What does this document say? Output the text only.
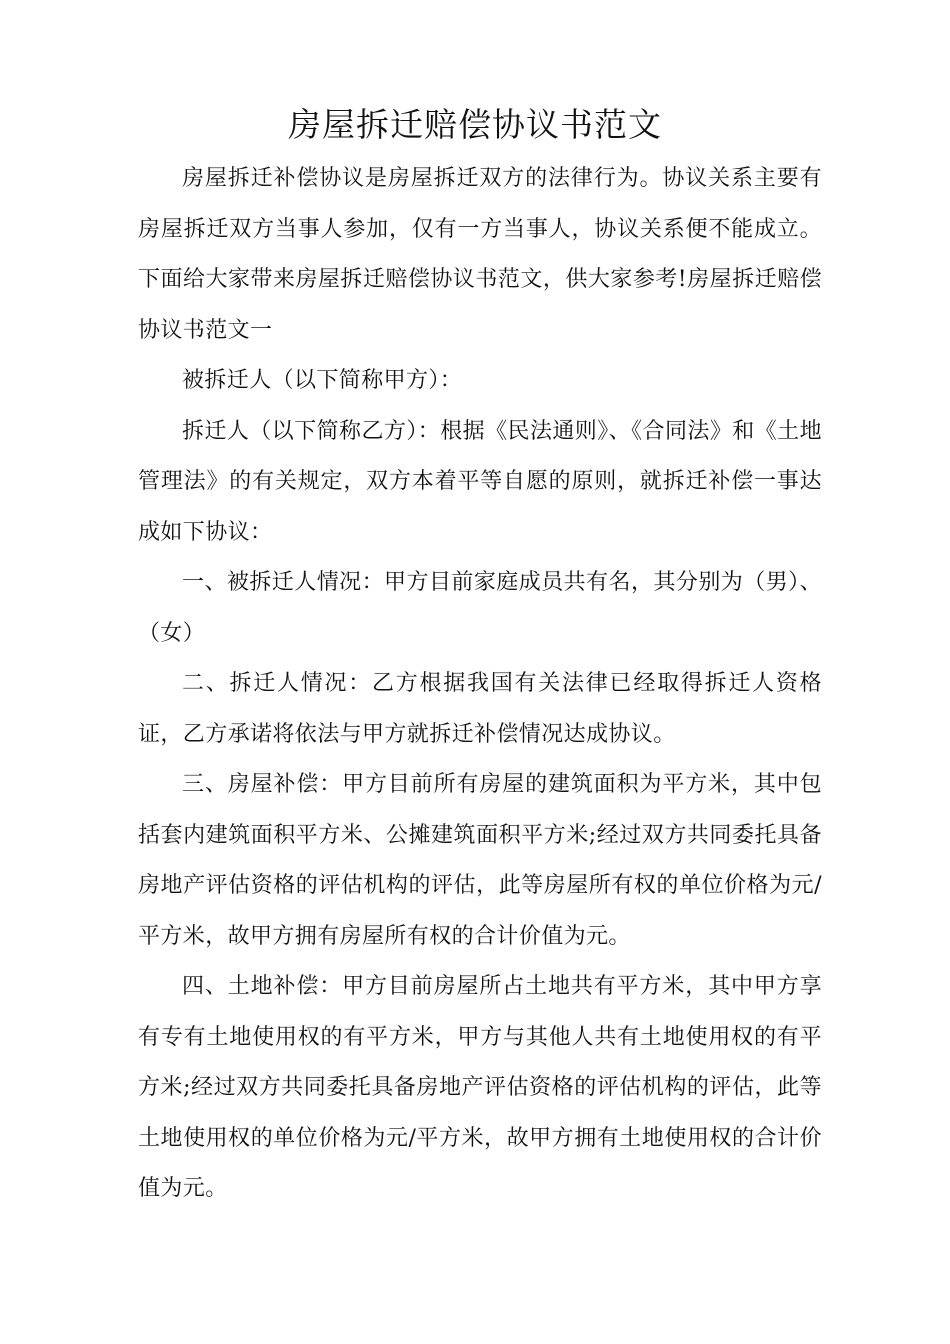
房屋拆迁赔偿协议书范文

房屋拆迁补偿协议是房屋拆迁双方的法律行为。协议关系主要有房屋拆迁双方当事人参加，仅有一方当事人，协议关系便不能成立。下面给大家带来房屋拆迁赔偿协议书范文，供大家参考!房屋拆迁赔偿协议书范文一

被拆迁人（以下简称甲方）：

拆迁人（以下简称乙方）：根据《民法通则》、《合同法》和《土地管理法》的有关规定，双方本着平等自愿的原则，就拆迁补偿一事达成如下协议：

一、被拆迁人情况：甲方目前家庭成员共有名，其分别为（男）、（女）

二、拆迁人情况：乙方根据我国有关法律已经取得拆迁人资格证，乙方承诺将依法与甲方就拆迁补偿情况达成协议。

三、房屋补偿：甲方目前所有房屋的建筑面积为平方米，其中包括套内建筑面积平方米、公摊建筑面积平方米;经过双方共同委托具备房地产评估资格的评估机构的评估，此等房屋所有权的单位价格为元/平方米，故甲方拥有房屋所有权的合计价值为元。

四、土地补偿：甲方目前房屋所占土地共有平方米，其中甲方享有专有土地使用权的有平方米，甲方与其他人共有土地使用权的有平方米;经过双方共同委托具备房地产评估资格的评估机构的评估，此等土地使用权的单位价格为元/平方米，故甲方拥有土地使用权的合计价值为元。
